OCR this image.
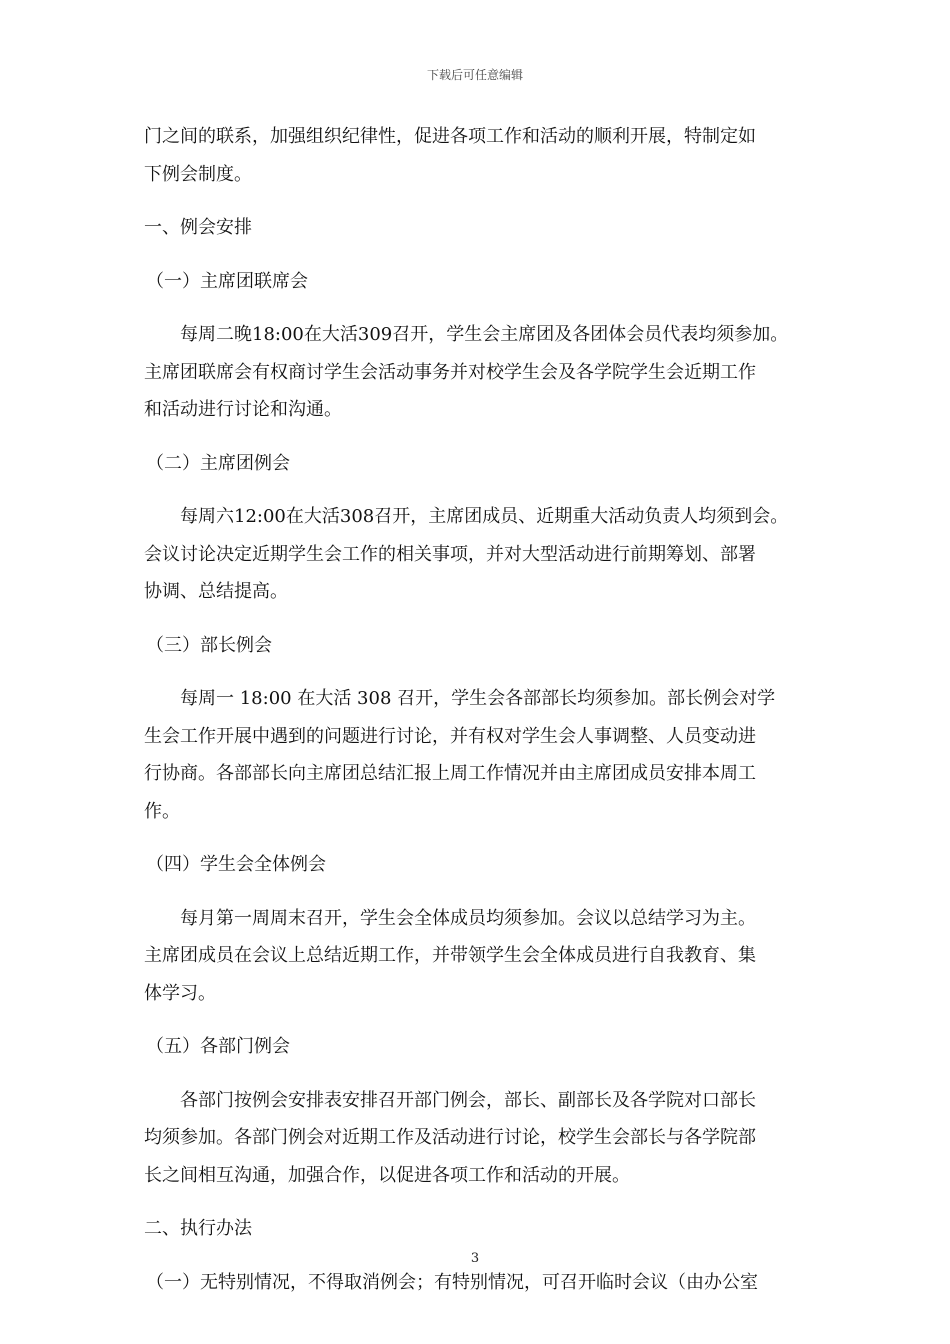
下载后可任意编辑

门之间的联系，加强组织纪律性，促进各项工作和活动的顺利开展，特制定如
下例会制度。

一、例会安排

（一）主席团联席会

每周二晚18:00在大活309召开，学生会主席团及各团体会员代表均须参加。
主席团联席会有权商讨学生会活动事务并对校学生会及各学院学生会近期工作
和活动进行讨论和沟通。

（二）主席团例会

每周六12:00在大活308召开，主席团成员、近期重大活动负责人均须到会。
会议讨论决定近期学生会工作的相关事项，并对大型活动进行前期筹划、部署
协调、总结提高。

（三）部长例会

每周一 18:00 在大活 308 召开，学生会各部部长均须参加。部长例会对学
生会工作开展中遇到的问题进行讨论，并有权对学生会人事调整、人员变动进
行协商。各部部长向主席团总结汇报上周工作情况并由主席团成员安排本周工
作。

（四）学生会全体例会

每月第一周周末召开，学生会全体成员均须参加。会议以总结学习为主。
主席团成员在会议上总结近期工作，并带领学生会全体成员进行自我教育、集
体学习。

（五）各部门例会

各部门按例会安排表安排召开部门例会，部长、副部长及各学院对口部长
均须参加。各部门例会对近期工作及活动进行讨论，校学生会部长与各学院部
长之间相互沟通，加强合作，以促进各项工作和活动的开展。

二、执行办法

（一）无特别情况，不得取消例会；有特别情况，可召开临时会议（由办公室

3
